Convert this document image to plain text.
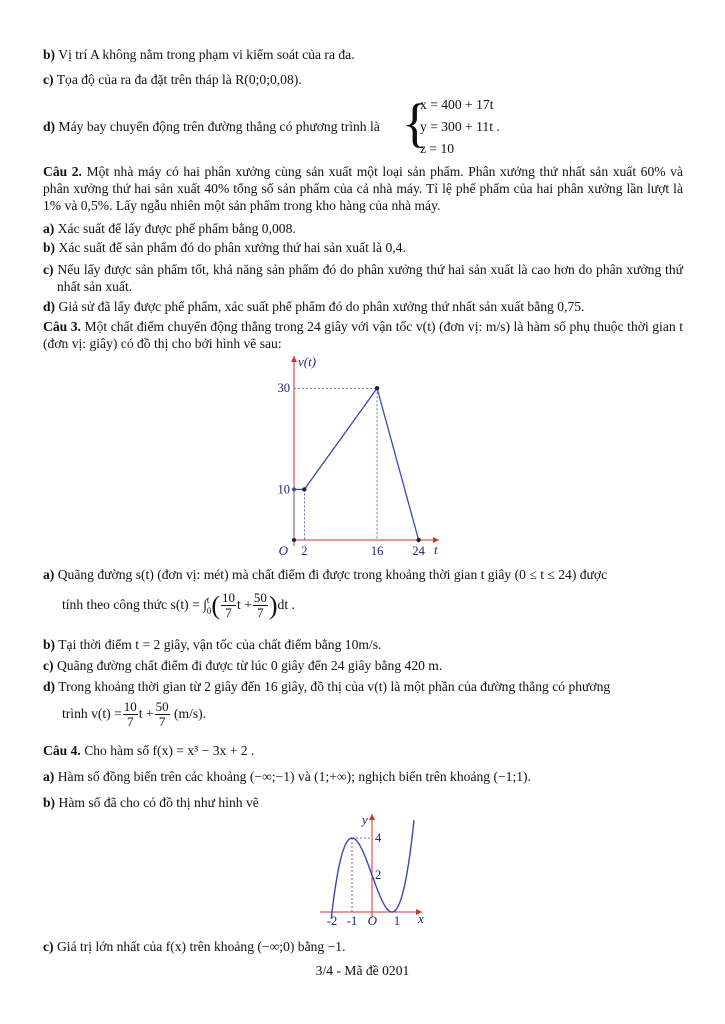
b) Vị trí A không nằm trong phạm vi kiểm soát của ra đa.
c) Tọa độ của ra đa đặt trên tháp là R(0;0;0,08).
d) Máy bay chuyển động trên đường thẳng có phương trình là {
x = 400 + 17t
y = 300 + 11t .
z = 10
Câu 2. Một nhà máy có hai phân xưởng cùng sản xuất một loại sản phẩm. Phân xưởng thứ nhất sản xuất 60% và phân xưởng thứ hai sản xuất 40% tổng số sản phẩm của cả nhà máy. Tỉ lệ phế phẩm của hai phân xưởng lần lượt là 1% và 0,5%. Lấy ngẫu nhiên một sản phẩm trong kho hàng của nhà máy.
a) Xác suất để lấy được phế phẩm bằng 0,008.
b) Xác suất để sản phẩm đó do phân xưởng thứ hai sản xuất là 0,4.
c) Nếu lấy được sản phẩm tốt, khả năng sản phẩm đó do phân xưởng thứ hai sản xuất là cao hơn do phân xưởng thứ nhất sản xuất.
d) Giả sử đã lấy được phế phẩm, xác suất phế phẩm đó do phân xưởng thứ nhất sản xuất bằng 0,75.
Câu 3. Một chất điểm chuyển động thẳng trong 24 giây với vận tốc v(t) (đơn vị: m/s) là hàm số phụ thuộc thời gian t (đơn vị: giây) có đồ thị cho bởi hình vẽ sau:
2	16 24
10
30
O	t
v(t)
a) Quãng đường s(t) (đơn vị: mét) mà chất điểm đi được trong khoảng thời gian t giây (0 ≤ t ≤ 24) được
tính theo công thức s(t) = ∫ t
0 ( $\frac{10}{7}$ $t + \frac{50}{7} )dt$ .
b) Tại thời điểm t = 2 giây, vận tốc của chất điểm bằng 10m/s.
c) Quãng đường chất điểm đi được từ lúc 0 giây đến 24 giây bằng 420 m.
d) Trong khoảng thời gian từ 2 giây đến 16 giây, đồ thị của v(t) là một phần của đường thẳng có phương
trình $v(t) = \frac{10}{7}$ $t + \frac{50}{7} (m/s)$.
Câu 4. Cho hàm số f(x) = x³ − 3x + 2 .
a) Hàm số đồng biến trên các khoảng (−∞;−1) và (1;+∞); nghịch biến trên khoảng (−1;1).
b) Hàm số đã cho có đồ thị như hình vẽ
-2 -1	1
2
4
O	x
y
c) Giá trị lớn nhất của f(x) trên khoảng (−∞;0) bằng −1.
3/4 - Mã đề 0201
